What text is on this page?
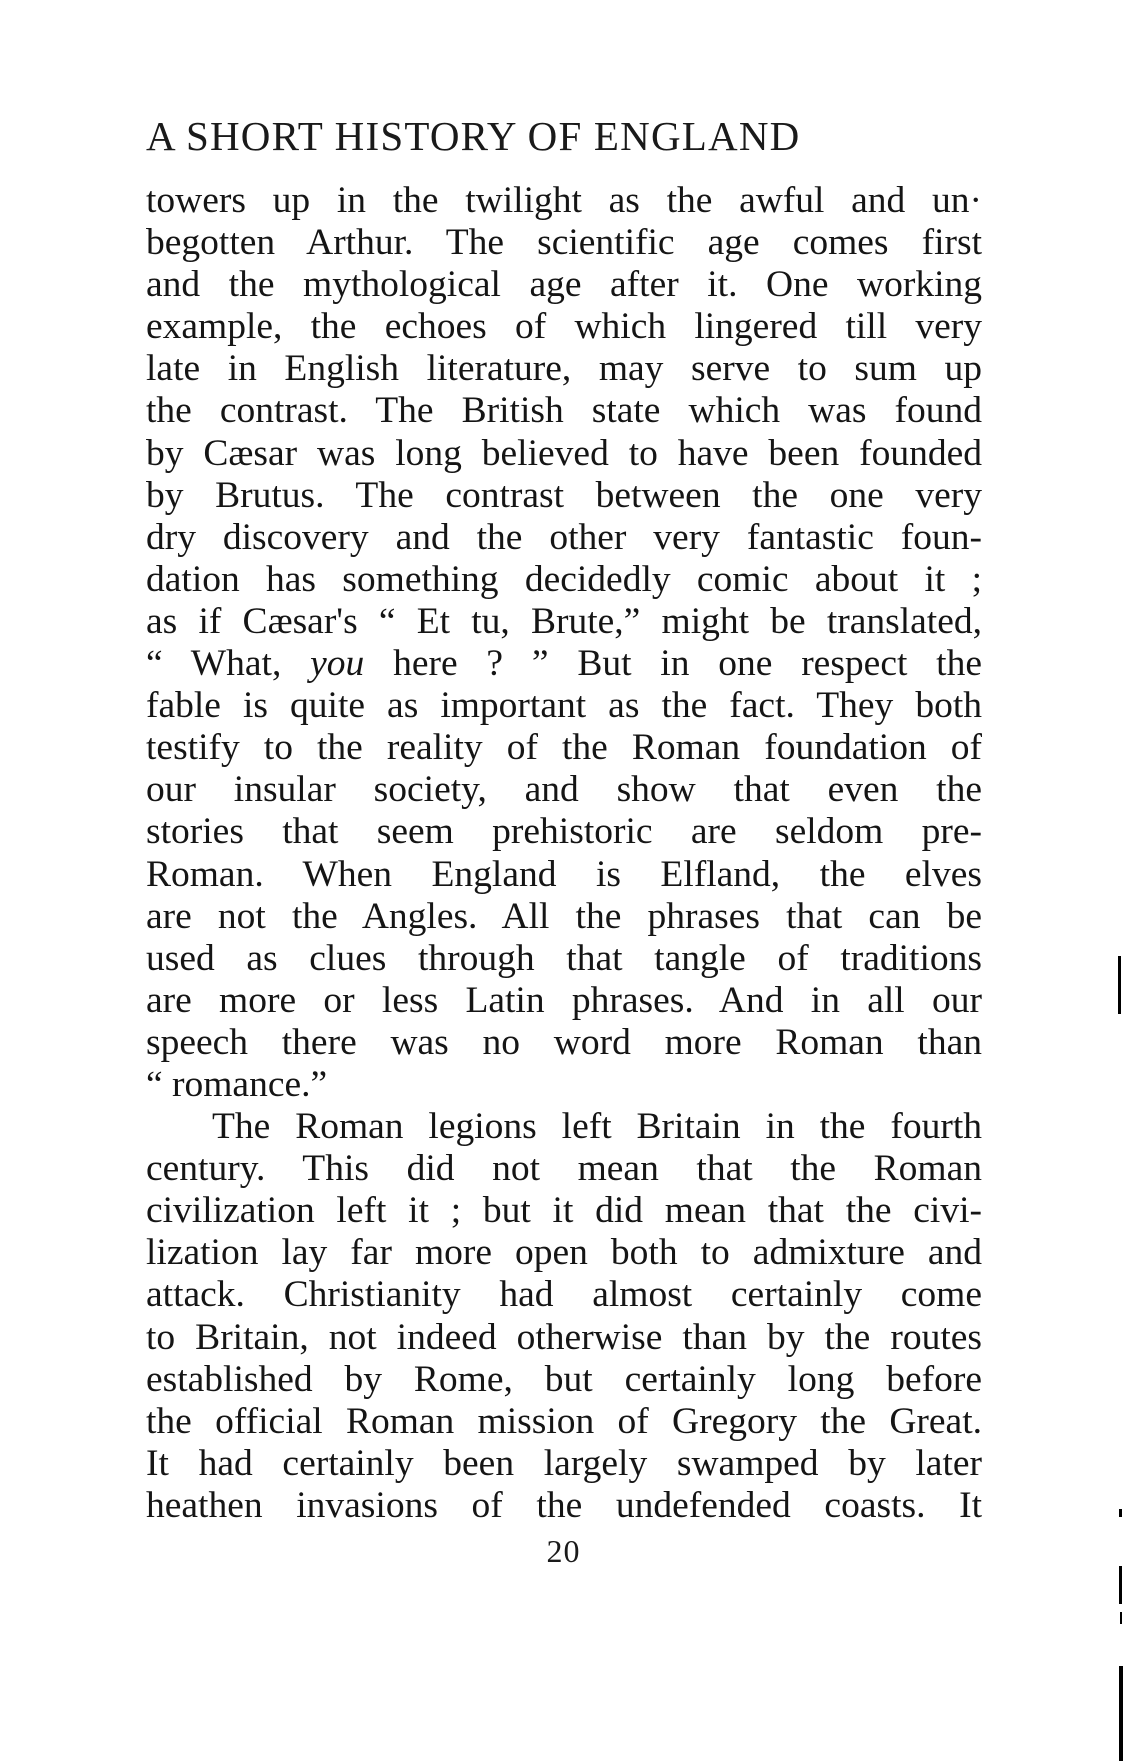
A SHORT HISTORY OF ENGLAND
towers up in the twilight as the awful and un·
begotten Arthur. The scientific age comes first
and the mythological age after it. One working
example, the echoes of which lingered till very
late in English literature, may serve to sum up
the contrast. The British state which was found
by Cæsar was long believed to have been founded
by Brutus. The contrast between the one very
dry discovery and the other very fantastic foun-
dation has something decidedly comic about it ;
as if Cæsar's “ Et tu, Brute,” might be translated,
“ What, you here ? ” But in one respect the
fable is quite as important as the fact. They both
testify to the reality of the Roman foundation of
our insular society, and show that even the
stories that seem prehistoric are seldom pre-
Roman. When England is Elfland, the elves
are not the Angles. All the phrases that can be
used as clues through that tangle of traditions
are more or less Latin phrases. And in all our
speech there was no word more Roman than
“ romance.”
The Roman legions left Britain in the fourth
century. This did not mean that the Roman
civilization left it ; but it did mean that the civi-
lization lay far more open both to admixture and
attack. Christianity had almost certainly come
to Britain, not indeed otherwise than by the routes
established by Rome, but certainly long before
the official Roman mission of Gregory the Great.
It had certainly been largely swamped by later
heathen invasions of the undefended coasts. It
20
